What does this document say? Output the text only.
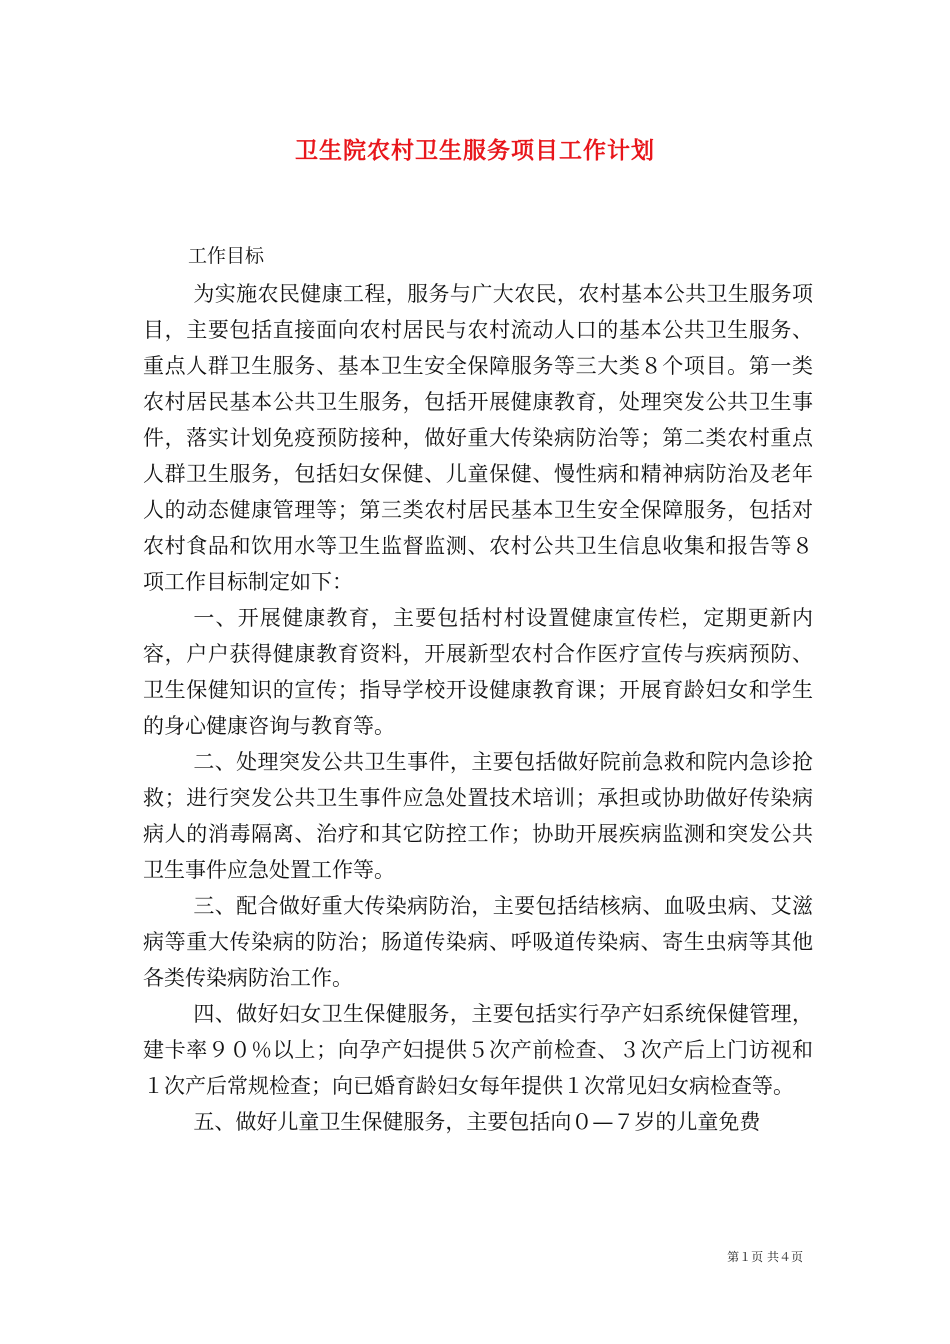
卫生院农村卫生服务项目工作计划

工作目标

为实施农民健康工程，服务与广大农民，农村基本公共卫生服务项目，主要包括直接面向农村居民与农村流动人口的基本公共卫生服务、重点人群卫生服务、基本卫生安全保障服务等三大类８个项目。第一类农村居民基本公共卫生服务，包括开展健康教育，处理突发公共卫生事件，落实计划免疫预防接种，做好重大传染病防治等；第二类农村重点人群卫生服务，包括妇女保健、儿童保健、慢性病和精神病防治及老年人的动态健康管理等；第三类农村居民基本卫生安全保障服务，包括对农村食品和饮用水等卫生监督监测、农村公共卫生信息收集和报告等８项工作目标制定如下：

一、开展健康教育，主要包括村村设置健康宣传栏，定期更新内容，户户获得健康教育资料，开展新型农村合作医疗宣传与疾病预防、卫生保健知识的宣传；指导学校开设健康教育课；开展育龄妇女和学生的身心健康咨询与教育等。

二、处理突发公共卫生事件，主要包括做好院前急救和院内急诊抢救；进行突发公共卫生事件应急处置技术培训；承担或协助做好传染病病人的消毒隔离、治疗和其它防控工作；协助开展疾病监测和突发公共卫生事件应急处置工作等。

三、配合做好重大传染病防治，主要包括结核病、血吸虫病、艾滋病等重大传染病的防治；肠道传染病、呼吸道传染病、寄生虫病等其他各类传染病防治工作。

四、做好妇女卫生保健服务，主要包括实行孕产妇系统保健管理，建卡率９０％以上；向孕产妇提供５次产前检查、３次产后上门访视和１次产后常规检查；向已婚育龄妇女每年提供１次常见妇女病检查等。

五、做好儿童卫生保健服务，主要包括向０—７岁的儿童免费

第１页 共４页
